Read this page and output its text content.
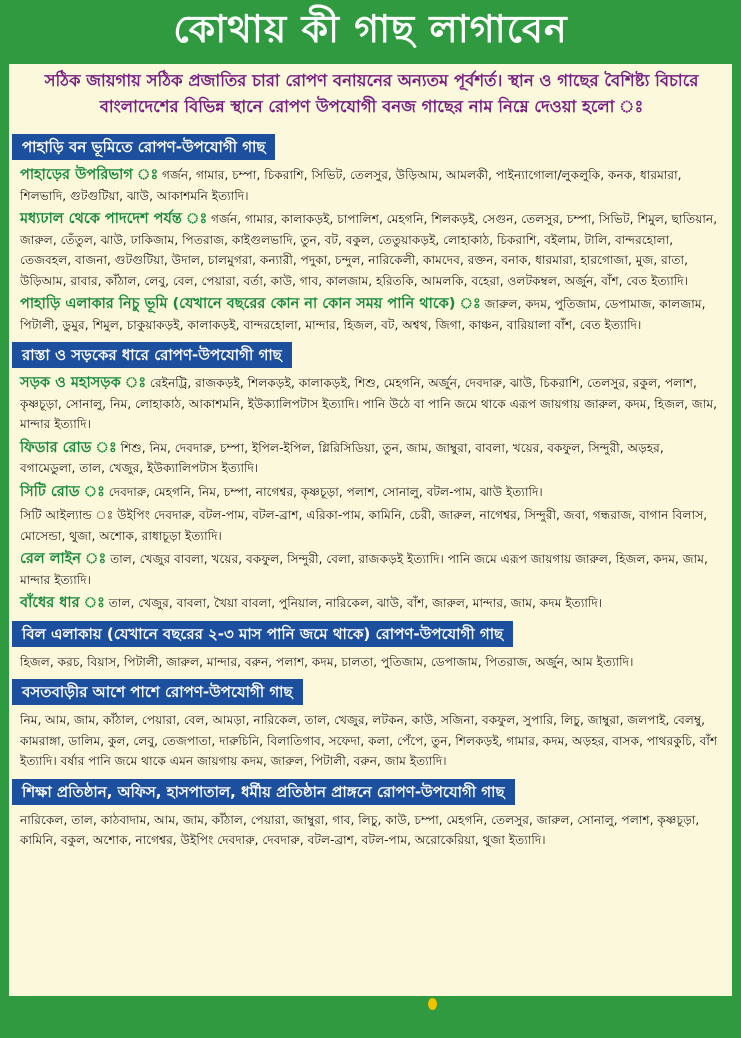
কোথায় কী গাছ লাগাবেন

সঠিক জায়গায় সঠিক প্রজাতির চারা রোপণ বনায়নের অন্যতম পূর্বশর্ত। স্থান ও গাছের বৈশিষ্ট্য বিচারে বাংলাদেশের বিভিন্ন স্থানে রোপণ উপযোগী বনজ গাছের নাম নিম্নে দেওয়া হলো ঃ

পাহাড়ি বন ভূমিতে রোপণ-উপযোগী গাছ

পাহাড়ের উপরিভাগ ঃ গর্জন, গামার, চম্পা, চিকরাশি, সিভিট, তেলসুর, উড়িআম, আমলকী, পাইন্যাগোলা/লুকলুকি, কনক, ধারমারা, শিলভাদি, গুটগুটিয়া, ঝাউ, আকাশমনি ইত্যাদি।

মধ্যঢাল থেকে পাদদেশ পর্যন্ত ঃ গর্জন, গামার, কালাকড়ই, চাপালিশ, মেহগনি, শিলকড়ই, সেগুন, তেলসুর, চম্পা, সিভিট, শিমুল, ছাতিয়ান, জারুল, তেঁতুল, ঝাউ, ঢাকিজাম, পিতরাজ, কাইগুলভাদি, তুন, বট, বকুল, তেতুয়াকড়ই, লোহাকাঠ, চিকরাশি, বইলাম, টালি, বান্দরহোলা, তেজবহল, বাজনা, গুটগুটিয়া, উদাল, চালমুগরা, কন্যারী, পদুকা, চন্দুল, নারিকেলী, কামদেব, রক্তন, বনাক, ধারমারা, হারগোজা, মুজ, রাতা, উড়িআম, রাবার, কাঁঠাল, লেবু, বেল, পেয়ারা, বর্তা, কাউ, গাব, কালজাম, হরিতকি, আমলকি, বহেরা, ওলটকম্বল, অর্জুন, বাঁশ, বেত ইত্যাদি।

পাহাড়ি এলাকার নিচু ভূমি (যেখানে বছরের কোন না কোন সময় পানি থাকে) ঃ জারুল, কদম, পুতিজাম, ডেপামাজ, কালজাম, পিটালী, ডুমুর, শিমুল, চাকুয়াকড়ই, কালাকড়ই, বান্দরহোলা, মান্দার, হিজল, বট, অশ্বথ, জিগা, কাঞ্চন, বারিয়ালা বাঁশ, বেত ইত্যাদি।

রাস্তা ও সড়কের ধারে রোপণ-উপযোগী গাছ

সড়ক ও মহাসড়ক ঃ রেইনট্রি, রাজকড়ই, শিলকড়ই, কালাকড়ই, শিশু, মেহগনি, অর্জুন, দেবদারু, ঝাউ, চিকরাশি, তেলসুর, রকুল, পলাশ, কৃষ্ণচূড়া, সোনালু, নিম, লোহাকাঠ, আকাশমনি, ইউক্যালিপটাস ইত্যাদি। পানি উঠে বা পানি জমে থাকে এরূপ জায়গায় জারুল, কদম, হিজল, জাম, মান্দার ইত্যাদি।

ফিডার রোড ঃ শিশু, নিম, দেবদারু, চম্পা, ইপিল-ইপিল, গ্লিরিসিডিয়া, তুন, জাম, জাম্বুরা, বাবলা, খয়ের, বকফুল, সিন্দুরী, অড়হর, বগামেডুলা, তাল, খেজুর, ইউক্যালিপটাস ইত্যাদি।

সিটি রোড ঃ দেবদারু, মেহগনি, নিম, চম্পা, নাগেশ্বর, কৃষ্ণচূড়া, পলাশ, সোনালু, বটল-পাম, ঝাউ ইত্যাদি।

সিটি আইল্যান্ড ঃ উইপিং দেবদারু, বটল-পাম, বটল-ব্রাশ, এরিকা-পাম, কামিনি, চেরী, জারুল, নাগেশ্বর, সিন্দুরী, জবা, গন্ধরাজ, বাগান বিলাস, মোসেন্ডা, থুজা, অশোক, রাধাচূড়া ইত্যাদি।

রেল লাইন ঃ তাল, খেজুর বাবলা, খয়ের, বকফুল, সিন্দুরী, বেলা, রাজকড়ই ইত্যাদি। পানি জমে এরূপ জায়গায় জারুল, হিজল, কদম, জাম, মান্দার ইত্যাদি।

বাঁধের ধার ঃ তাল, খেজুর, বাবলা, খৈয়া বাবলা, পুনিয়াল, নারিকেল, ঝাউ, বাঁশ, জারুল, মান্দার, জাম, কদম ইত্যাদি।

বিল এলাকায় (যেখানে বছরের ২-৩ মাস পানি জমে থাকে) রোপণ-উপযোগী গাছ

হিজল, করচ, বিয়াস, পিটালী, জারুল, মান্দার, বরুন, পলাশ, কদম, চালতা, পুতিজাম, ডেপাজাম, পিতরাজ, অর্জুন, আম ইত্যাদি।

বসতবাড়ীর আশে পাশে রোপণ-উপযোগী গাছ

নিম, আম, জাম, কাঁঠাল, পেয়ারা, বেল, আমড়া, নারিকেল, তাল, খেজুর, লটকন, কাউ, সজিনা, বকফুল, সুপারি, লিচু, জাম্বুরা, জলপাই, বেলম্বু, কামরাঙ্গা, ডালিম, কুল, লেবু, তেজপাতা, দারুচিনি, বিলাতিগাব, সফেদা, কলা, পেঁপে, তুন, শিলকড়ই, গামার, কদম, অড়হর, বাসক, পাথরকুচি, বাঁশ ইত্যাদি। বর্ষার পানি জমে থাকে এমন জায়গায় কদম, জারুল, পিটালী, বরুন, জাম ইত্যাদি।

শিক্ষা প্রতিষ্ঠান, অফিস, হাসপাতাল, ধর্মীয় প্রতিষ্ঠান প্রাঙ্গনে রোপণ-উপযোগী গাছ

নারিকেল, তাল, কাঠবাদাম, আম, জাম, কাঁঠাল, পেয়ারা, জাম্বুরা, গাব, লিচু, কাউ, চম্পা, মেহগনি, তেলসুর, জারুল, সোনালু, পলাশ, কৃষ্ণচূড়া, কামিনি, বকুল, অশোক, নাগেশ্বর, উইপিং দেবদারু, দেবদারু, বটল-ব্রাশ, বটল-পাম, অরোকেরিয়া, থুজা ইত্যাদি।
